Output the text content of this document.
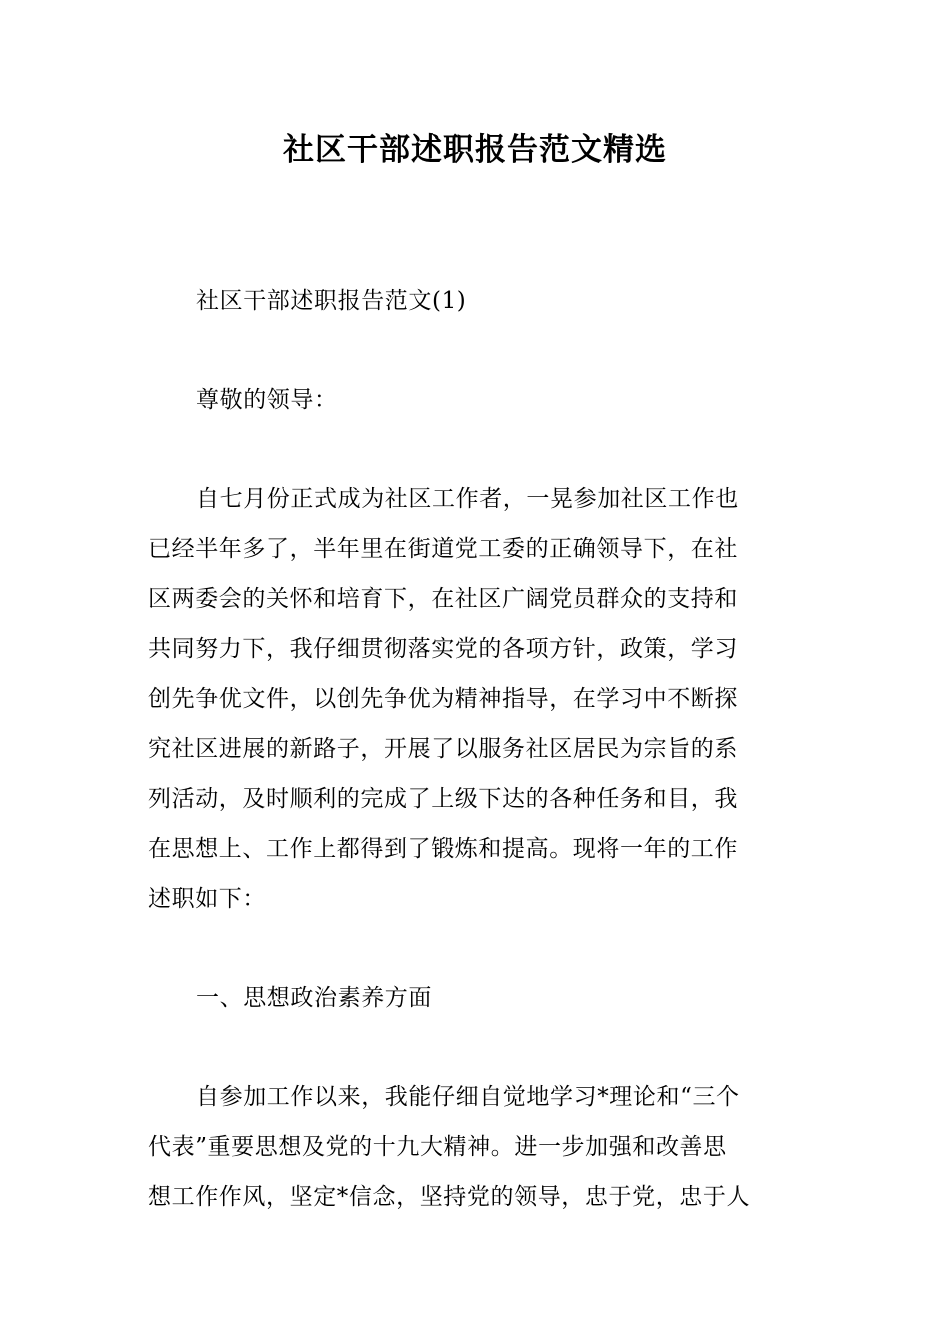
社区干部述职报告范文精选
社区干部述职报告范文(1)
尊敬的领导：
自七月份正式成为社区工作者，一晃参加社区工作也
已经半年多了，半年里在街道党工委的正确领导下，在社
区两委会的关怀和培育下，在社区广阔党员群众的支持和
共同努力下，我仔细贯彻落实党的各项方针，政策，学习
创先争优文件，以创先争优为精神指导，在学习中不断探
究社区进展的新路子，开展了以服务社区居民为宗旨的系
列活动，及时顺利的完成了上级下达的各种任务和目，我
在思想上、工作上都得到了锻炼和提高。现将一年的工作
述职如下：
一、思想政治素养方面
自参加工作以来，我能仔细自觉地学习*理论和“三个
代表”重要思想及党的十九大精神。进一步加强和改善思
想工作作风，坚定*信念，坚持党的领导，忠于党，忠于人
